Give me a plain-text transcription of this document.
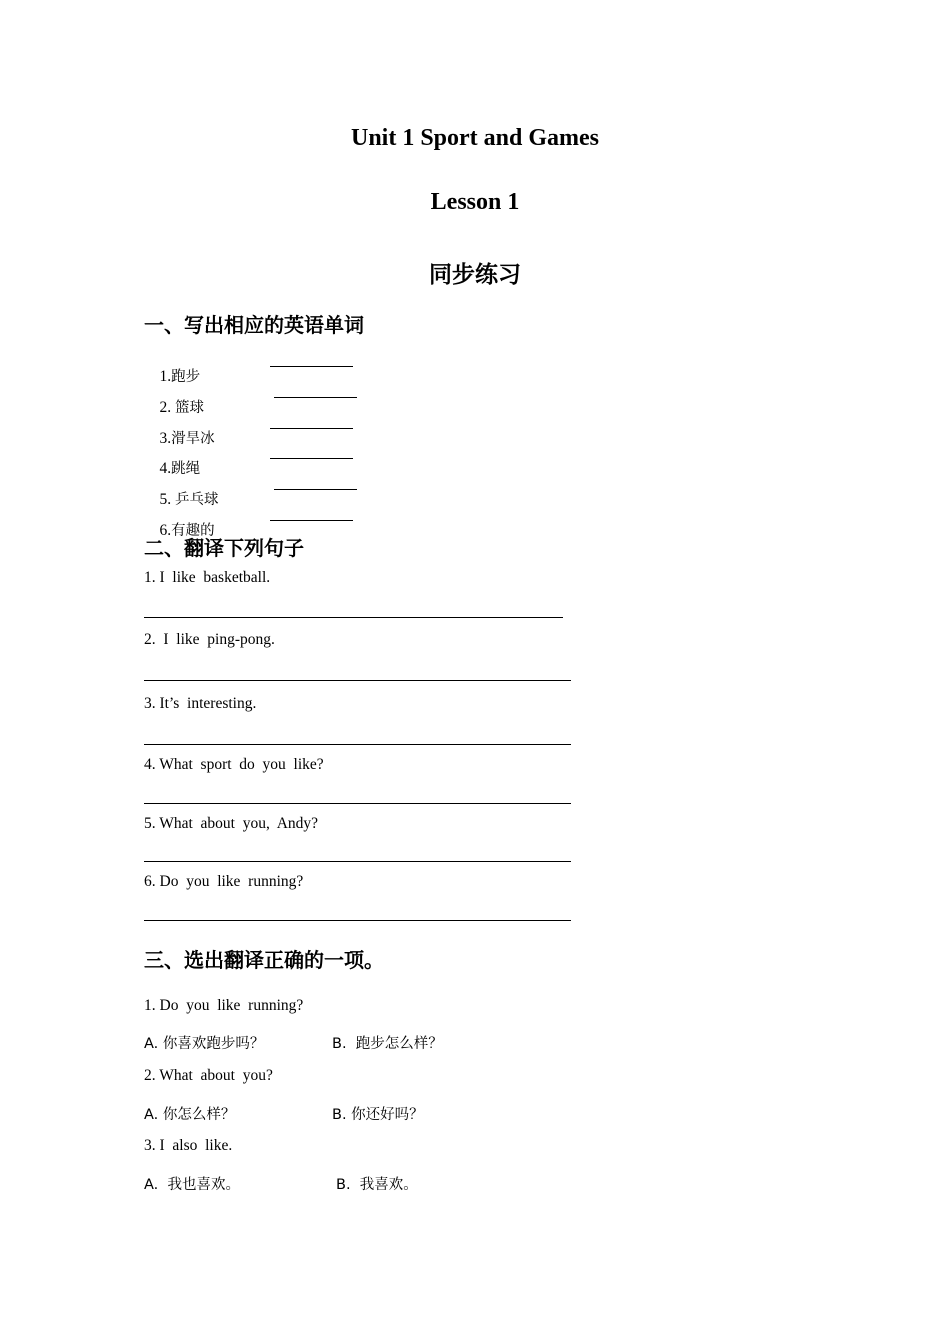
Unit 1 Sport and Games
Lesson 1
同步练习
一、写出相应的英语单词

1.跑步

2. 篮球

3.滑旱冰

4.跳绳

5. 乒乓球

6.有趣的

二、翻译下列句子
1. I  like  basketball.
2.  I  like  ping-pong.
3. It’s  interesting.
4. What  sport  do  you  like?
5. What  about  you,  Andy?
6. Do  you  like  running?
三、选出翻译正确的一项。
1. Do  you  like  running?
A. 你喜欢跑步吗？	B.  跑步怎么样？
2. What  about  you?
A. 你怎么样？	B. 你还好吗？
3. I  also  like.
A.  我也喜欢。	B.  我喜欢。
